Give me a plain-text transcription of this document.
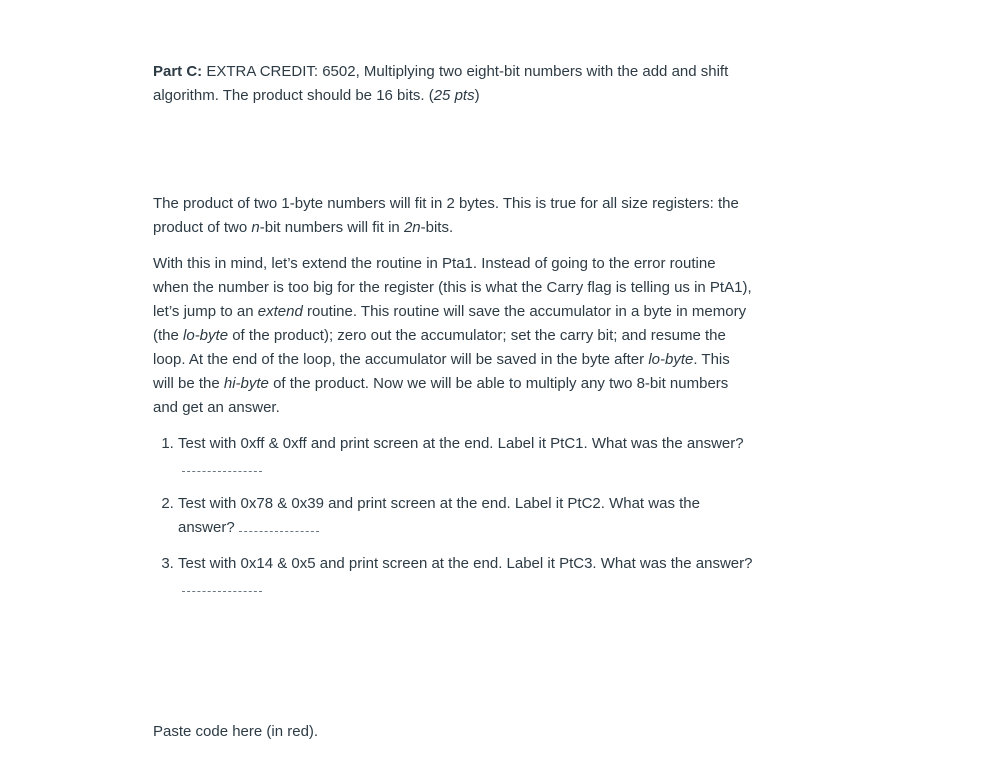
Part C: EXTRA CREDIT: 6502, Multiplying two eight-bit numbers with the add and shift algorithm. The product should be 16 bits. (25 pts)

The product of two 1-byte numbers will fit in 2 bytes. This is true for all size registers: the product of two n-bit numbers will fit in 2n-bits.

With this in mind, let’s extend the routine in Pta1. Instead of going to the error routine when the number is too big for the register (this is what the Carry flag is telling us in PtA1), let’s jump to an extend routine. This routine will save the accumulator in a byte in memory (the lo-byte of the product); zero out the accumulator; set the carry bit; and resume the loop. At the end of the loop, the accumulator will be saved in the byte after lo-byte. This will be the hi-byte of the product. Now we will be able to multiply any two 8-bit numbers and get an answer.

1. Test with 0xff & 0xff and print screen at the end. Label it PtC1. What was the answer?
2. Test with 0x78 & 0x39 and print screen at the end. Label it PtC2. What was the answer?
3. Test with 0x14 & 0x5 and print screen at the end. Label it PtC3. What was the answer?

Paste code here (in red).
